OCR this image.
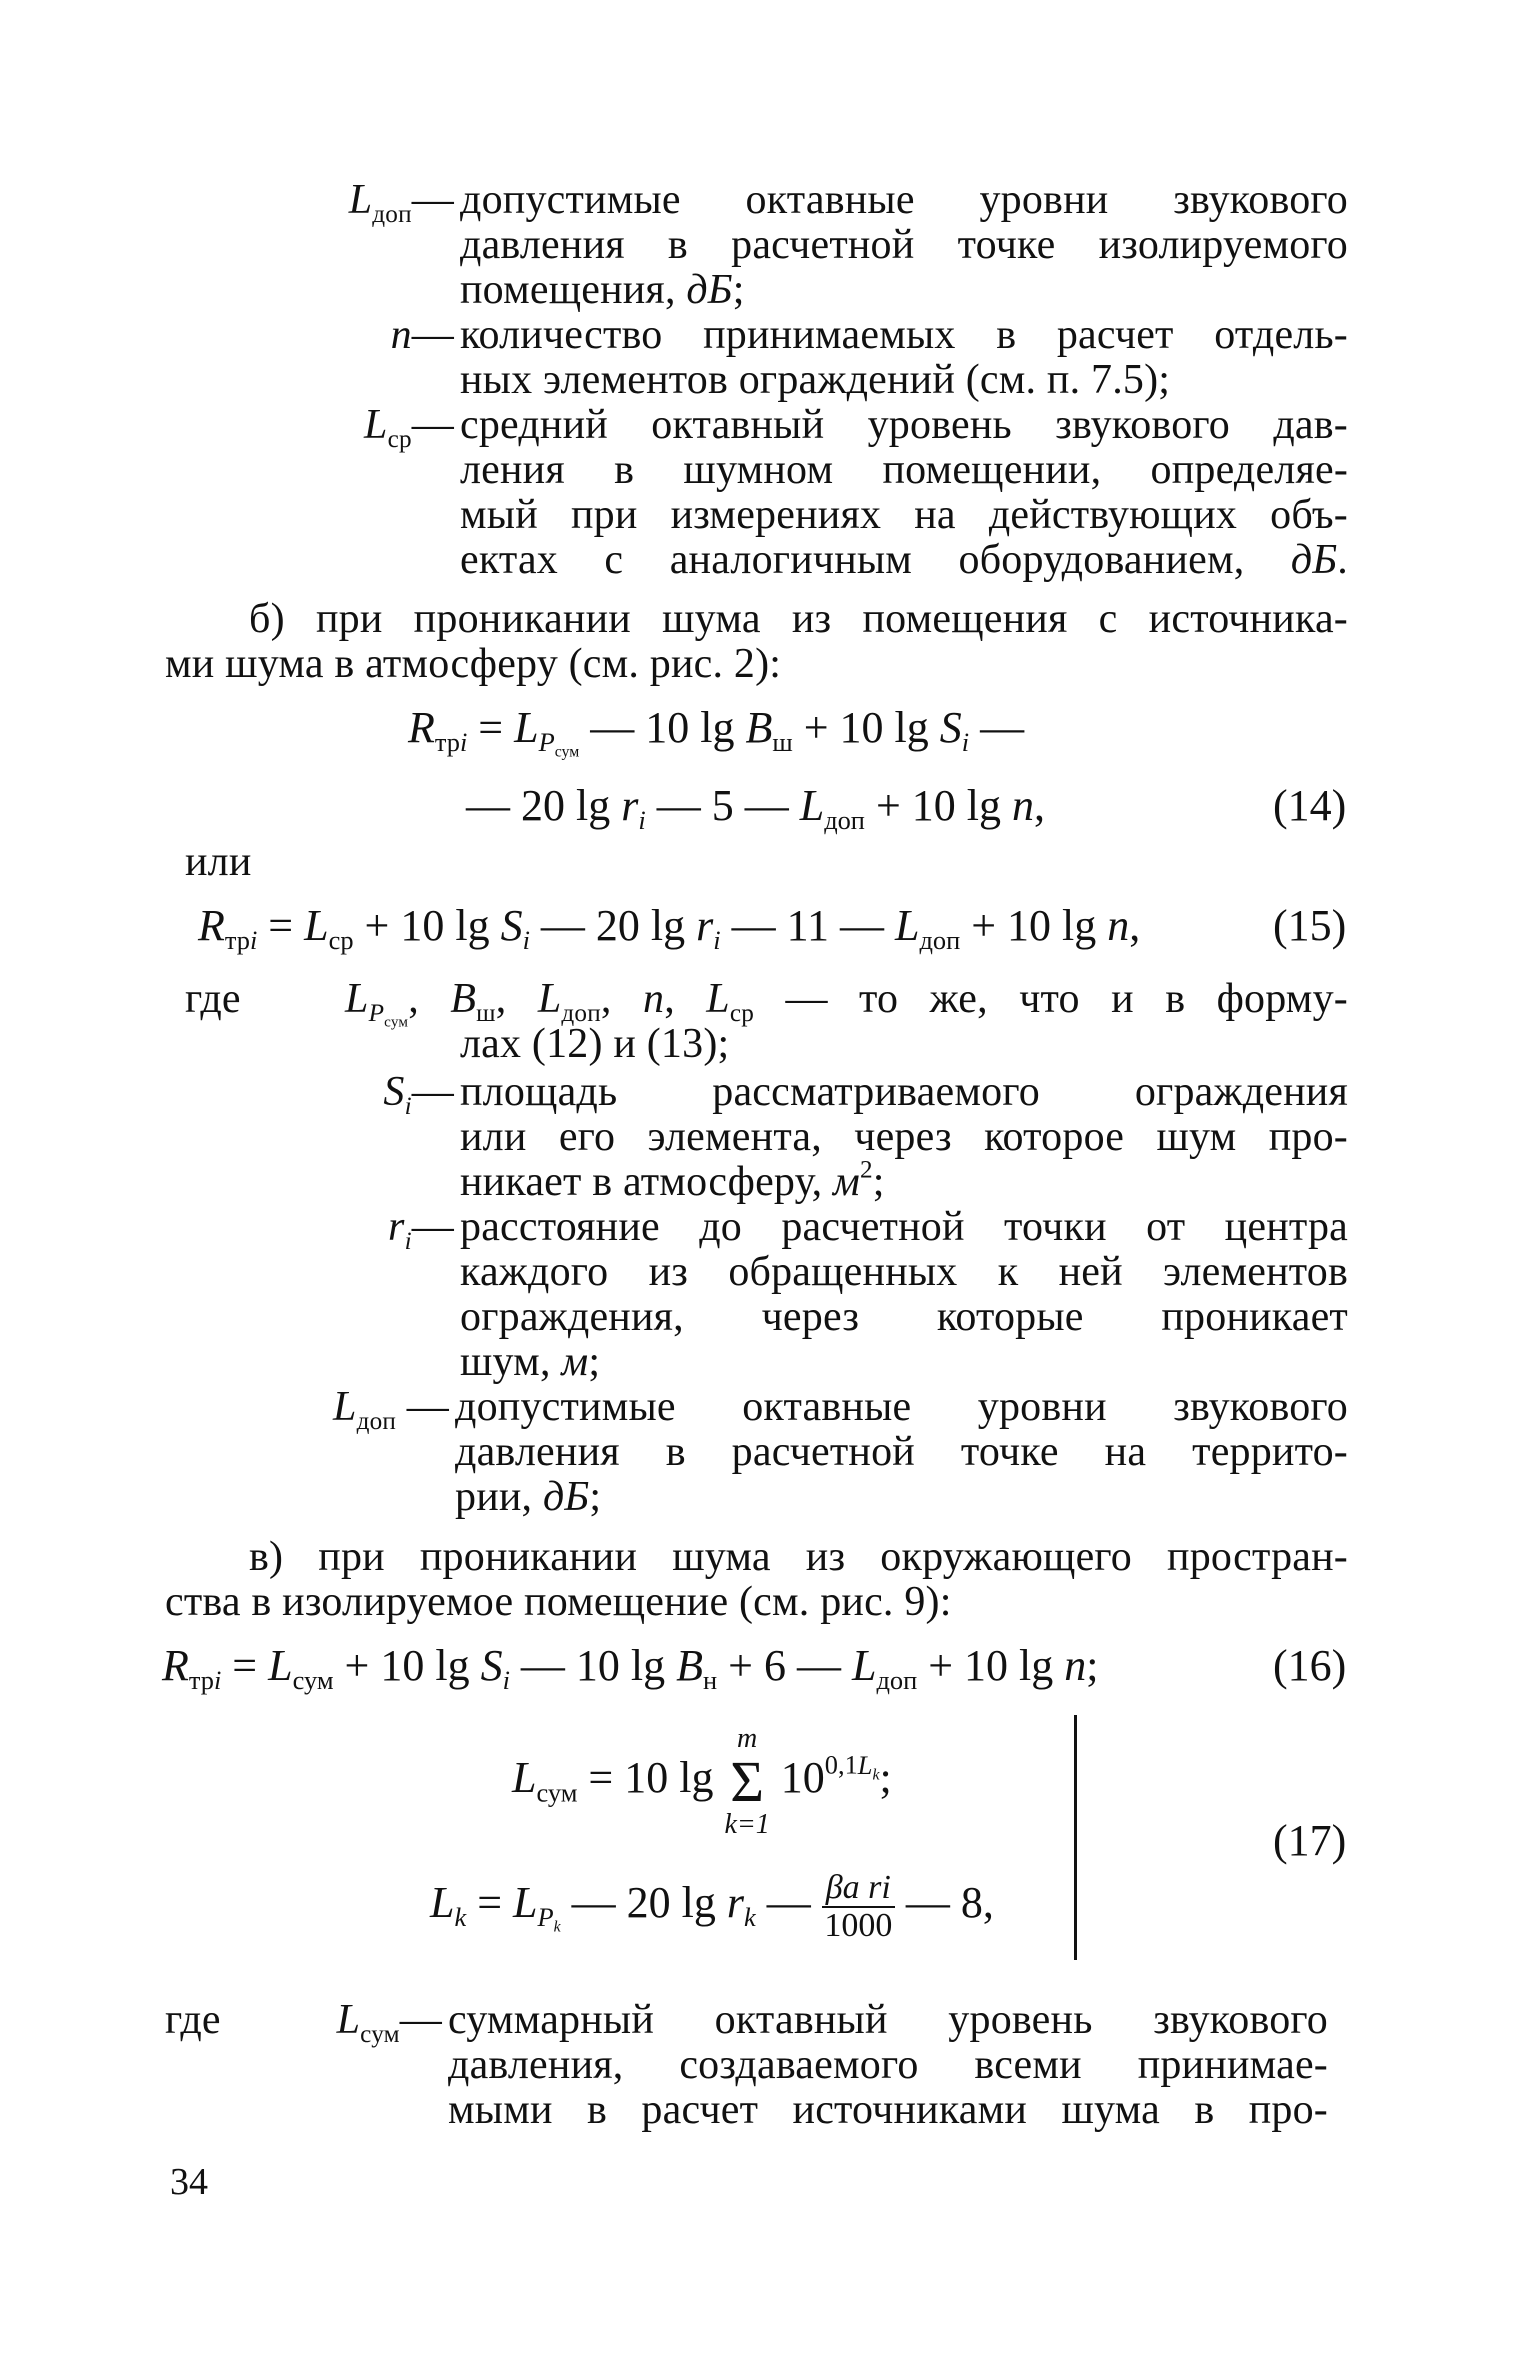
$L_{доп}—$ допустимые октавные уровни звукового
давления в расчетной точке изолируемого
помещения, дБ;
n— количество принимаемых в расчет отдель-
ных элементов ограждений (см. п. 7.5);
$L_{ср}—$ средний октавный уровень звукового дав-
ления в шумном помещении, определяе-
мый при измерениях на действующих объ-
ектах с аналогичным оборудованием, дБ.
б) при проникании шума из помещения с источника-
ми шума в атмосферу (см. рис. 2):
$R_{трi} = L_{P_{сум}}$ — 10 $\lg B_ш + 10$ $\lg S_i$ —
— 20 $\lg r_i$ — 5 — $L_{доп} + 10$ lg n,	(14)
или
$R_{трi} = L_{ср} + 10$ $\lg S_i$ — 20 $\lg r_i$ — 11 — $L_{доп} + 10$ lg n,	(15)
где $L_{P_{сум}}$, $B_ш$, $L_{доп}$, n, $L_{ср}$ — то же, что и в форму-
лах (12) и (13);
$S_i—$ площадь рассматриваемого ограждения
или его элемента, через которое шум про-
никает в атмосферу, $м^2$;
$r_i—$ расстояние до расчетной точки от центра
каждого из обращенных к ней элементов
ограждения, через которые проникает
шум, м;
$L_{доп}$ — допустимые октавные уровни звукового
давления в расчетной точке на террито-
рии, дБ;
в) при проникании шума из окружающего простран-
ства в изолируемое помещение (см. рис. 9):
$R_{трi} = L_{сум} + 10$ $\lg S_i$ — 10 $\lg B_н + 6$ — $L_{доп} + 10$ lg n;	(16)
$L_{сум} = 10$ lg
m
Σ
k=1
$10^{0,1L_k}$;
$L_k = L_{P_k}$ — 20 $\lg r_k$ — $\frac{\text{βa ri}}{1000}$ — 8,
(17)
где	$L_{сум}—$ суммарный октавный уровень звукового
давления, создаваемого всеми принимае-
мыми в расчет источниками шума в про-
34
